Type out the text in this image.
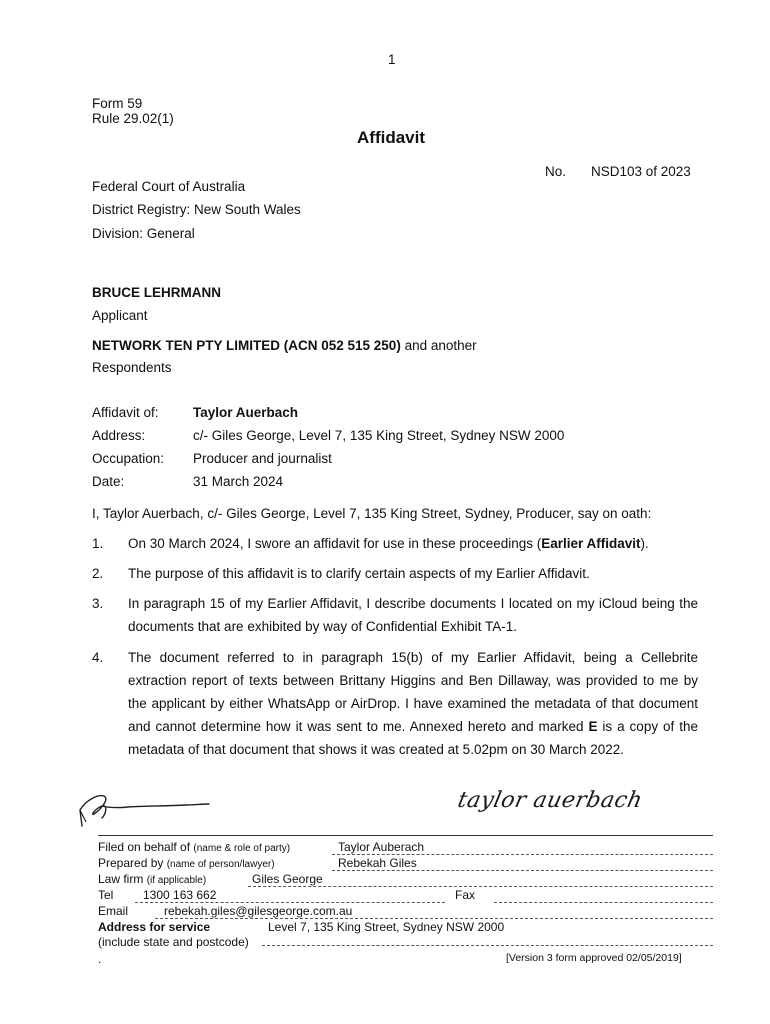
1
Form 59
Rule 29.02(1)
Affidavit
No. NSD103 of 2023
Federal Court of Australia
District Registry: New South Wales
Division: General
BRUCE LEHRMANN
Applicant
NETWORK TEN PTY LIMITED (ACN 052 515 250) and another
Respondents
Affidavit of:	Taylor Auerbach
Address:	c/- Giles George, Level 7, 135 King Street, Sydney NSW 2000
Occupation: Producer and journalist
Date:	31 March 2024
I, Taylor Auerbach, c/- Giles George, Level 7, 135 King Street, Sydney, Producer, say on oath:
1. On 30 March 2024, I swore an affidavit for use in these proceedings (Earlier Affidavit).
2. The purpose of this affidavit is to clarify certain aspects of my Earlier Affidavit.
3. In paragraph 15 of my Earlier Affidavit, I describe documents I located on my iCloud being the documents that are exhibited by way of Confidential Exhibit TA-1.
4. The document referred to in paragraph 15(b) of my Earlier Affidavit, being a Cellebrite extraction report of texts between Brittany Higgins and Ben Dillaway, was provided to me by the applicant by either WhatsApp or AirDrop. I have examined the metadata of that document and cannot determine how it was sent to me. Annexed hereto and marked E is a copy of the metadata of that document that shows it was created at 5.02pm on 30 March 2022.
taylor auerbach
Filed on behalf of (name & role of party)	Taylor Auberach
Prepared by (name of person/lawyer)	Rebekah Giles
Law firm (if applicable)	Giles George
Tel 1300 163 662	Fax
Email	rebekah.giles@gilesgeorge.com.au
Address for service	Level 7, 135 King Street, Sydney NSW 2000
(include state and postcode)
.	[Version 3 form approved 02/05/2019]
